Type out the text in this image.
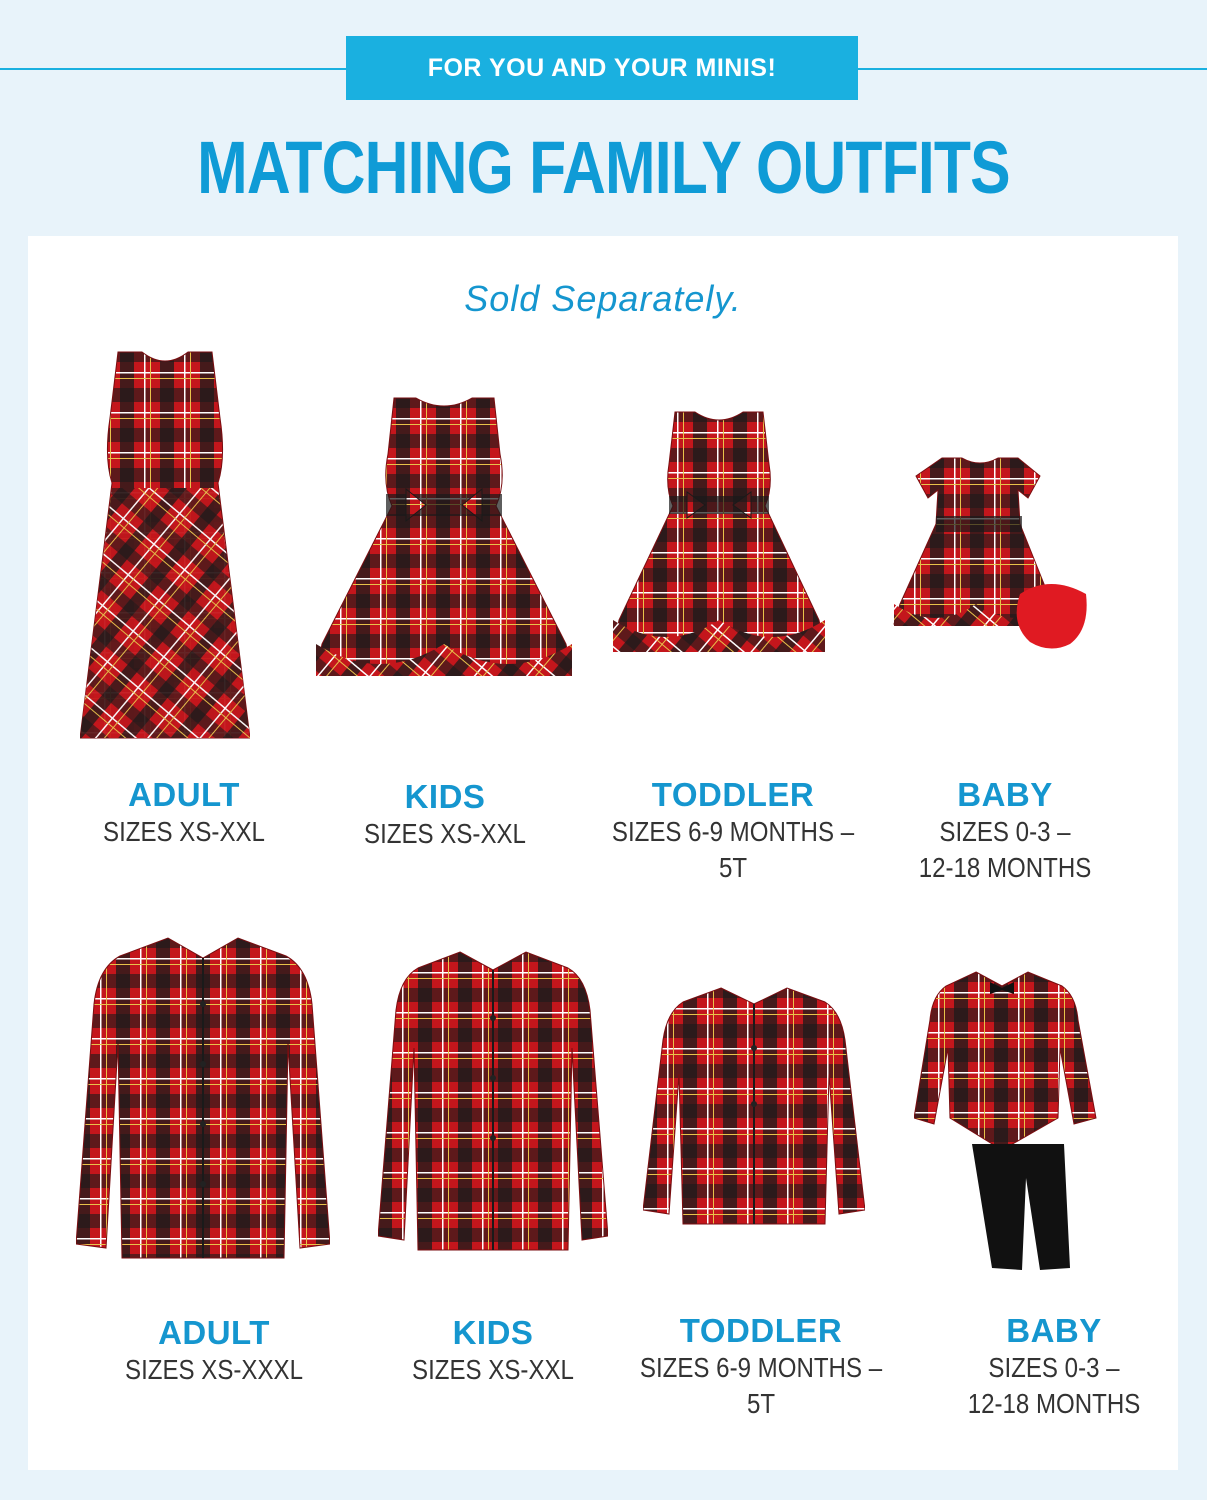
FOR YOU AND YOUR MINIS!
MATCHING FAMILY OUTFITS
Sold Separately.
ADULT
SIZES XS-XXL
KIDS
SIZES XS-XXL
TODDLER
SIZES 6-9 MONTHS – 5T
BABY
SIZES 0-3 –
12-18 MONTHS
ADULT
SIZES XS-XXXL
KIDS
SIZES XS-XXL
TODDLER
SIZES 6-9 MONTHS – 5T
BABY
SIZES 0-3 –
12-18 MONTHS
